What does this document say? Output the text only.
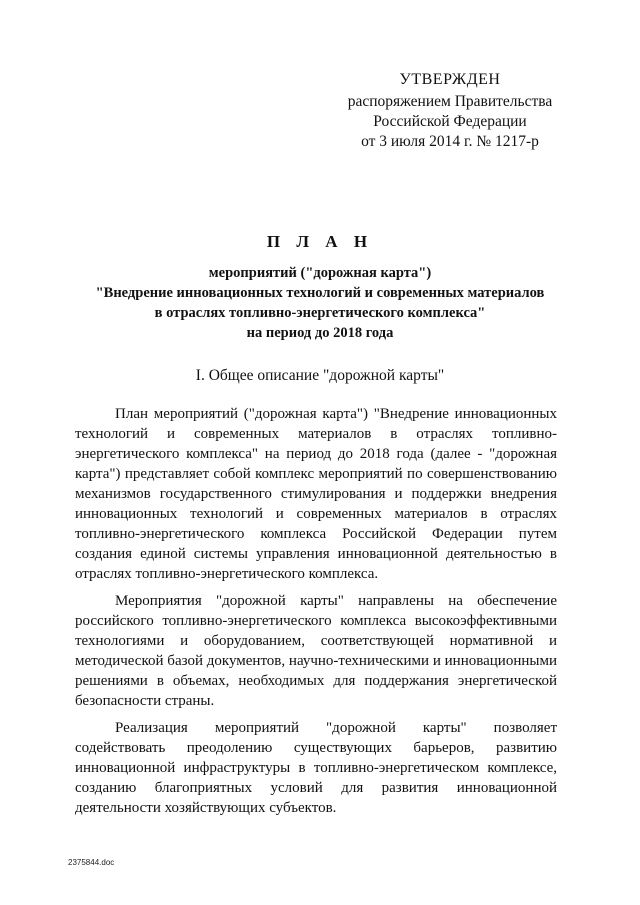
УТВЕРЖДЕН
распоряжением Правительства
Российской Федерации
от 3 июля 2014 г. № 1217-р
П Л А Н
мероприятий ("дорожная карта")
"Внедрение инновационных технологий и современных материалов
в отраслях топливно-энергетического комплекса"
на период до 2018 года
I. Общее описание "дорожной карты"

План мероприятий ("дорожная карта") "Внедрение инновационных технологий и современных материалов в отраслях топливно-энергетического комплекса" на период до 2018 года (далее - "дорожная карта") представляет собой комплекс мероприятий по совершенствованию механизмов государственного стимулирования и поддержки внедрения инновационных технологий и современных материалов в отраслях топливно-энергетического комплекса Российской Федерации путем создания единой системы управления инновационной деятельностью в отраслях топливно-энергетического комплекса.

Мероприятия "дорожной карты" направлены на обеспечение российского топливно-энергетического комплекса высокоэффективными технологиями и оборудованием, соответствующей нормативной и методической базой документов, научно-техническими и инновационными решениями в объемах, необходимых для поддержания энергетической безопасности страны.

Реализация мероприятий "дорожной карты" позволяет содействовать преодолению существующих барьеров, развитию инновационной инфраструктуры в топливно-энергетическом комплексе, созданию благоприятных условий для развития инновационной деятельности хозяйствующих субъектов.

2375844.doc
